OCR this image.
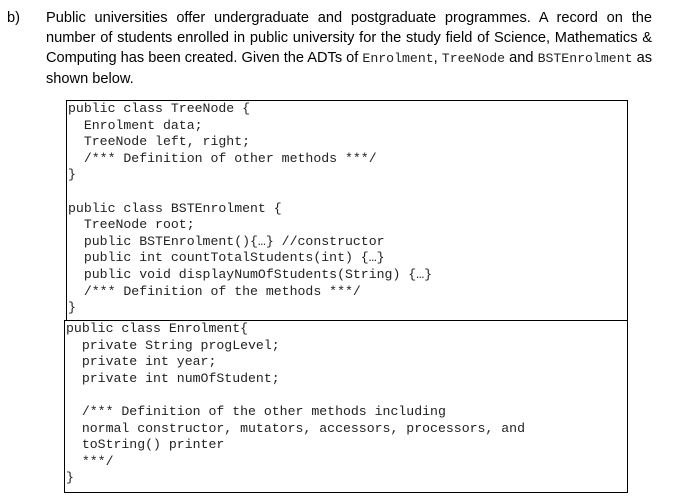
b) Public universities offer undergraduate and postgraduate programmes. A record on the number of students enrolled in public university for the study field of Science, Mathematics & Computing has been created. Given the ADTs of Enrolment, TreeNode and BSTEnrolment as shown below.
public class TreeNode {
Enrolment data;
TreeNode left, right;
/*** Definition of other methods ***/
}
public class BSTEnrolment {
TreeNode root;
public BSTEnrolment(){…} //constructor
public int countTotalStudents(int) {…}
public void displayNumOfStudents(String) {…}
/*** Definition of the methods ***/
}
public class Enrolment{
private String progLevel;
private int year;
private int numOfStudent;
/*** Definition of the other methods including
normal constructor, mutators, accessors, processors, and
toString() printer
***/
}
